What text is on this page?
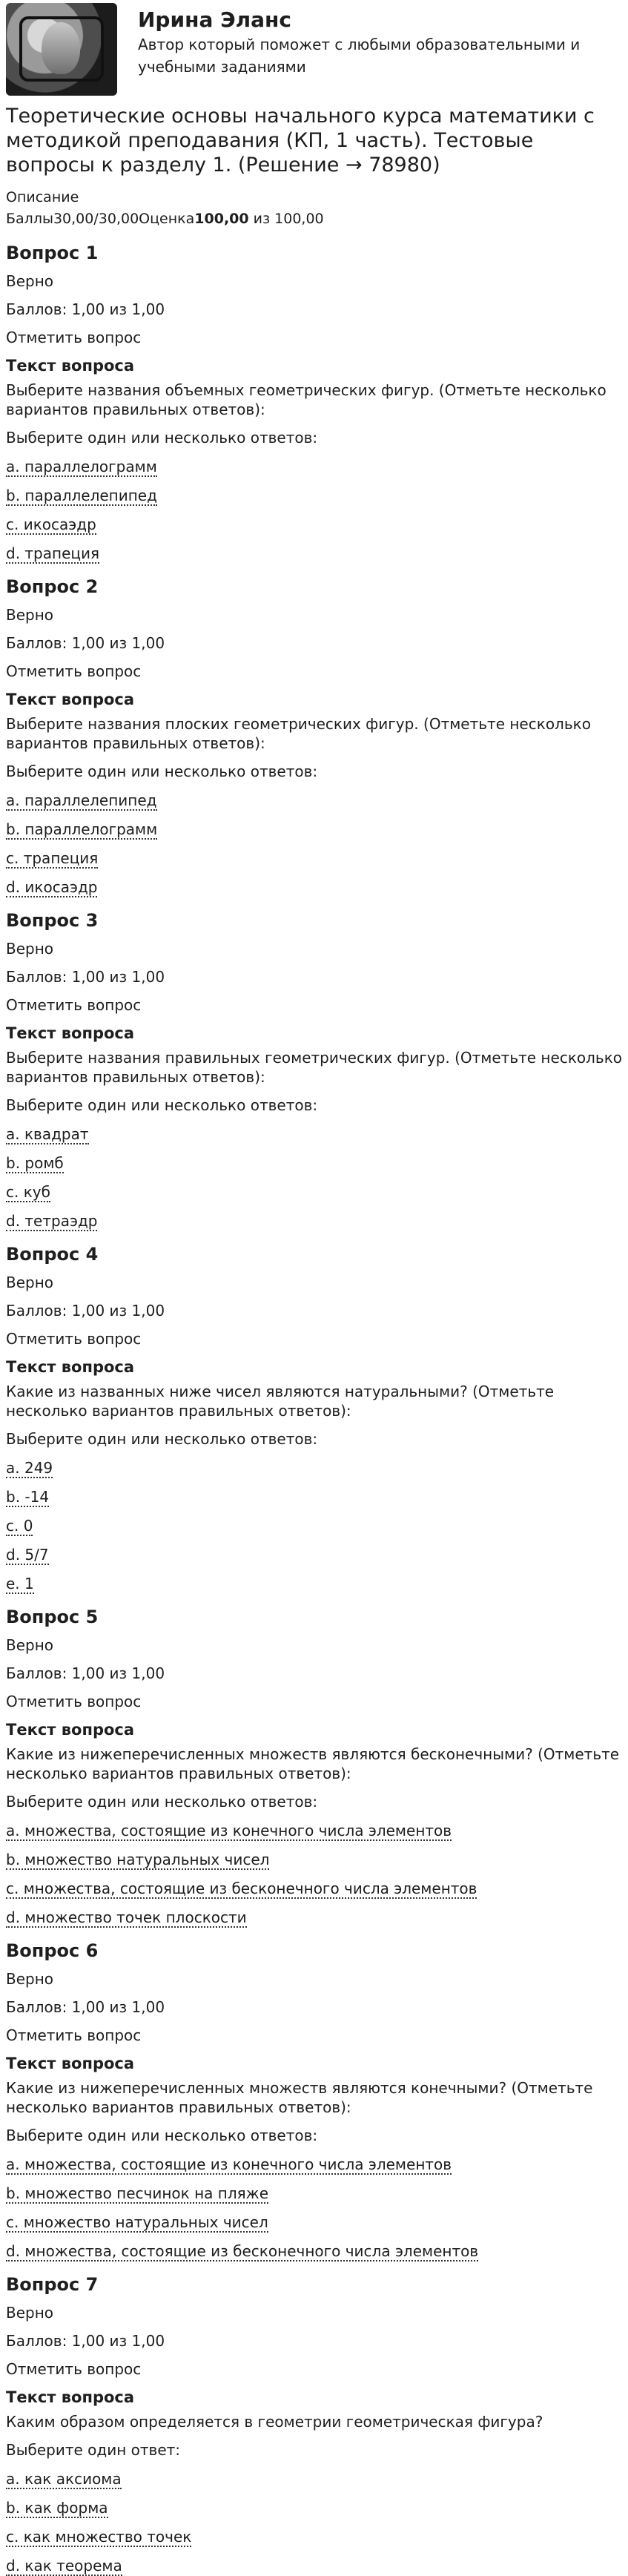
Ирина Эланс
Автор который поможет с любыми образовательными и учебными заданиями
Теоретические основы начального курса математики с методикой преподавания (КП, 1 часть). Тестовые вопросы к разделу 1. (Решение → 78980)
Описание
Баллы30,00/30,00Оценка100,00 из 100,00
Вопрос 1
Верно
Баллов: 1,00 из 1,00
Отметить вопрос
Текст вопроса
Выберите названия объемных геометрических фигур. (Отметьте несколько вариантов правильных ответов):
Выберите один или несколько ответов:
a. параллелограмм
b. параллелепипед
c. икосаэдр
d. трапеция
Вопрос 2
Верно
Баллов: 1,00 из 1,00
Отметить вопрос
Текст вопроса
Выберите названия плоских геометрических фигур. (Отметьте несколько вариантов правильных ответов):
Выберите один или несколько ответов:
a. параллелепипед
b. параллелограмм
c. трапеция
d. икосаэдр
Вопрос 3
Верно
Баллов: 1,00 из 1,00
Отметить вопрос
Текст вопроса
Выберите названия правильных геометрических фигур. (Отметьте несколько вариантов правильных ответов):
Выберите один или несколько ответов:
a. квадрат
b. ромб
c. куб
d. тетраэдр
Вопрос 4
Верно
Баллов: 1,00 из 1,00
Отметить вопрос
Текст вопроса
Какие из названных ниже чисел являются натуральными? (Отметьте несколько вариантов правильных ответов):
Выберите один или несколько ответов:
a. 249
b. -14
c. 0
d. 5/7
e. 1
Вопрос 5
Верно
Баллов: 1,00 из 1,00
Отметить вопрос
Текст вопроса
Какие из нижеперечисленных множеств являются бесконечными? (Отметьте несколько вариантов правильных ответов):
Выберите один или несколько ответов:
a. множества, состоящие из конечного числа элементов
b. множество натуральных чисел
c. множества, состоящие из бесконечного числа элементов
d. множество точек плоскости
Вопрос 6
Верно
Баллов: 1,00 из 1,00
Отметить вопрос
Текст вопроса
Какие из нижеперечисленных множеств являются конечными? (Отметьте несколько вариантов правильных ответов):
Выберите один или несколько ответов:
a. множества, состоящие из конечного числа элементов
b. множество песчинок на пляже
c. множество натуральных чисел
d. множества, состоящие из бесконечного числа элементов
Вопрос 7
Верно
Баллов: 1,00 из 1,00
Отметить вопрос
Текст вопроса
Каким образом определяется в геометрии геометрическая фигура?
Выберите один ответ:
a. как аксиома
b. как форма
c. как множество точек
d. как теорема
